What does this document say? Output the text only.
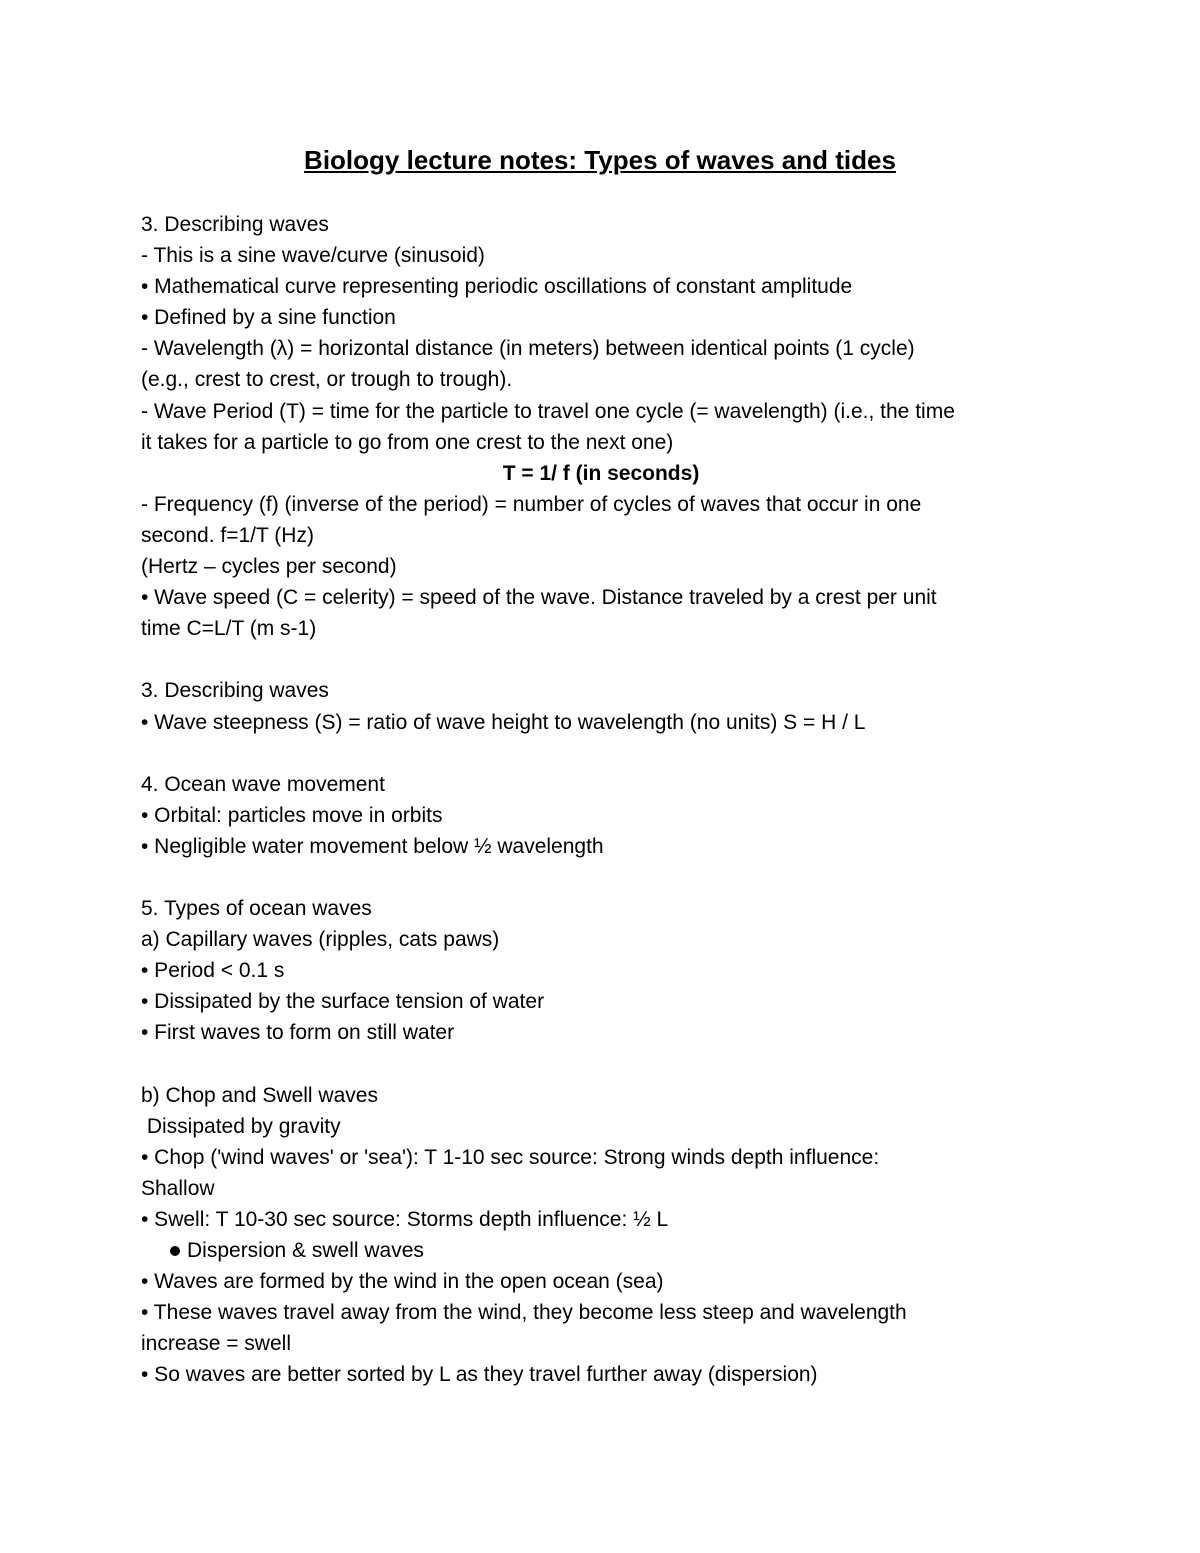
Biology lecture notes: Types of waves and tides
3. Describing waves
- This is a sine wave/curve (sinusoid)
• Mathematical curve representing periodic oscillations of constant amplitude
• Defined by a sine function
- Wavelength (λ) = horizontal distance (in meters) between identical points (1 cycle)
(e.g., crest to crest, or trough to trough).
- Wave Period (T) = time for the particle to travel one cycle (= wavelength) (i.e., the time
it takes for a particle to go from one crest to the next one)
T = 1/ f (in seconds)
- Frequency (f) (inverse of the period) = number of cycles of waves that occur in one
second. f=1/T (Hz)
(Hertz – cycles per second)
• Wave speed (C = celerity) = speed of the wave. Distance traveled by a crest per unit
time C=L/T (m s-1)
3. Describing waves
• Wave steepness (S) = ratio of wave height to wavelength (no units) S = H / L
4. Ocean wave movement
• Orbital: particles move in orbits
• Negligible water movement below ½ wavelength
5. Types of ocean waves
a) Capillary waves (ripples, cats paws)
• Period < 0.1 s
• Dissipated by the surface tension of water
• First waves to form on still water
b) Chop and Swell waves
Dissipated by gravity
• Chop ('wind waves' or 'sea'): T 1-10 sec source: Strong winds depth influence:
Shallow
• Swell: T 10-30 sec source: Storms depth influence: ½ L
Dispersion & swell waves
• Waves are formed by the wind in the open ocean (sea)
• These waves travel away from the wind, they become less steep and wavelength
increase = swell
• So waves are better sorted by L as they travel further away (dispersion)
